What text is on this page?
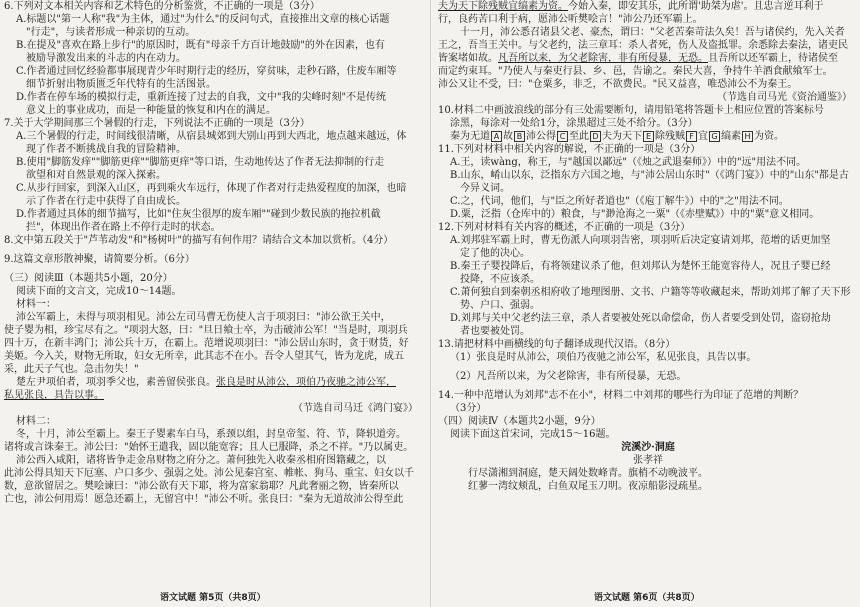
6.下列对文本相关内容和艺术特色的分析鉴赏，不正确的一项是（3分）
A.标题以"第一人称"我"为主体，通过"为什么"的反问句式，直接推出文章的核心话题
"行走"，与读者形成一种亲切的互动。
B.在提及"喜欢在路上步行"的原因时，既有"母亲千方百计地鼓励"的外在因素，也有
被励导激发出来的斗志的内在动力。
C.作者通过回忆经验都事展现青少年时期行走的经历，穿贫味，走秒石路，住废车厢等
细节折射出物质匮乏年代特有的生活图景。
D.作者在停车场的模拟行走，重新连接了过去的自我，文中"我的尖峰时刻"不是传统
意义上的事业成功，而是一种能量的恢复和内在的满足。
7.关于大学期间那三个暑假的行走，下列说法不正确的一项是（3分）
A.三个暑假的行走，时间线很清晰，从宿县城郊到大别山再到大西北，地点越来越远，体
现了作者不断挑战自我的冒险精神。
B.使用"脚筋发痒""脚筋更痒""脚筋更痒"等口语，生动地传达了作者无法抑制的行走
欲望和对自然景观的深入探索。
C.从步行回家，到深入山区，再到乘火车远行，体现了作者对行走热爱程度的加深，也暗
示了作者在行走中获得了自由成长。
D.作者通过具体的细节描写，比如"住灰尘很厚的废车厢""碰到少数民族的拖拉机截
拦"，体现出作者在路上不停行走时的状态。
8.文中第五段关于"芦苇动发"和"杨树叶"的描写有何作用？请结合文本加以赏析。（4分）
9.这篇文章形散神聚，请简要分析。（6分）
（三）阅读Ⅲ（本题共5小题，20分）
阅读下面的文言文，完成10～14题。
材料一：
沛公军霸上，未得与项羽相见。沛公左司马曹无伤使人言于项羽曰："沛公欲王关中，
使子婴为相，珍宝尽有之。"项羽大怒，曰："旦日飨士卒，为击破沛公军！"当是时，项羽兵
四十万，在新丰鸿门；沛公兵十万，在霸上。范增说项羽曰："沛公居山东时，贪于财货，好
美姬。今入关，财物无所取，妇女无所幸，此其志不在小。吾令人望其气，皆为龙虎，成五
采，此天子气也。急击勿失！"
楚左尹项伯者，项羽季父也，素善留侯张良。张良是时从沛公，项伯乃夜驰之沛公军，
私见张良，具告以事。
（节选自司马迁《鸿门宴》）
材料二：
冬，十月，沛公至霸上。秦王子婴素车白马，系颈以组，封皇帝玺、符、节，降轵道旁。
诸将或言诛秦王。沛公曰："始怀王遣我，固以能宽容；且人已服降，杀之不祥。"乃以属吏。
沛公西入咸阳，诸将皆争走金帛财物之府分之。萧何独先入收秦丞相府图籍藏之，以
此沛公得具知天下厄塞、户口多少、强弱之处。沛公见秦宫室、帷帐、狗马、重宝、妇女以千
数，意欲留居之。樊哙谏曰："沛公欲有天下耶，将为富家翁耶？凡此奢丽之物，皆秦所以
亡也，沛公何用焉！愿急还霸上，无留宫中！"沛公不听。张良曰："秦为无道故沛公得至此
语文试题 第5页（共8页）
夫为天下除残贼宜缟素为资。今始入秦，即安其乐，此所谓'助桀为虐'。且忠言逆耳利于
行，良药苦口利于病，愿沛公听樊哙言！"沛公乃还军霸上。
十一月，沛公悉召诸县父老、豪杰，谓曰："父老苦秦苛法久矣！吾与诸侯约，先入关者
王之，吾当王关中。与父老约，法三章耳：杀人者死，伤人及盗抵罪。余悉除去秦法，诸吏民
皆案堵如故。凡吾所以来，为父老除害，非有所侵暴，无恐。且吾所以还军霸上，待诸侯至
而定约束耳。"乃使人与秦吏行县、乡、邑，告谕之。秦民大喜，争持牛羊酒食献飨军士。
沛公又让不受，曰："仓粟多，非乏，不欲费民。"民又益喜，唯恐沛公不为秦王。
（节选自司马光《资治通鉴》）
10.材料二中画波浪线的部分有三处需要断句，请用铅笔将答题卡上相应位置的答案标号
涂黑，每涂对一处给1分，涂黑超过三处不给分。（3分）
秦为无道 A 故 B 沛公得 C 至此 D 夫为天下 E 除残贼 F 宜 G 缟素 H 为资。
11.下列对材料中相关内容的解说，不正确的一项是（3分）
A.王，读wàng，称王，与"越国以鄙远"（《烛之武退秦师》）中的"远"用法不同。
B.山东，崤山以东，泛指东方六国之地，与"沛公居山东时"（《鸿门宴》）中的"山东"都是古
今异义词。
C.之，代词，他们，与"臣之所好者道也"（《庖丁解牛》）中的"之"用法不同。
D.粟，泛指（仓库中的）粮食，与"渺沧海之一粟"（《赤壁赋》）中的"粟"意义相同。
12.下列对材料有关内容的概述，不正确的一项是（3分）
A.刘邦驻军霸上时，曹无伤派人向项羽告密，项羽听后决定宴请刘邦，范增的话更加坚
定了他的决心。
B.秦王子婴投降后，有将领建议杀了他，但刘邦认为楚怀王能宽容待人，况且子婴已经
投降，不应该杀。
C.萧何独自到秦朝丞相府收了地理图册、文书、户籍等等收藏起来，帮助刘邦了解了天下形
势、户口、强弱。
D.刘邦与关中父老约法三章，杀人者要被处死以命偿命，伤人者要受到处罚，盗窃抢劫
者也要被处罚。
13.请把材料中画横线的句子翻译成现代汉语。（8分）
（1）张良是时从沛公，项伯乃夜驰之沛公军，私见张良，具告以事。
（2）凡吾所以来，为父老除害，非有所侵暴，无恐。
14.一种中范增认为刘邦"志不在小"，材料二中刘邦的哪些行为印证了范增的判断？
（3分）
（四）阅读Ⅳ（本题共2小题，9分）
阅读下面这首宋词，完成15～16题。
浣溪沙·洞庭
张孝祥
行尽潇湘到洞庭，楚天阔处数峰青。旗梢不动晚波平。
红蓼一湾纹颊乱，白鱼双尾玉刀明。夜凉船影浸疏星。
语文试题 第6页（共8页）
